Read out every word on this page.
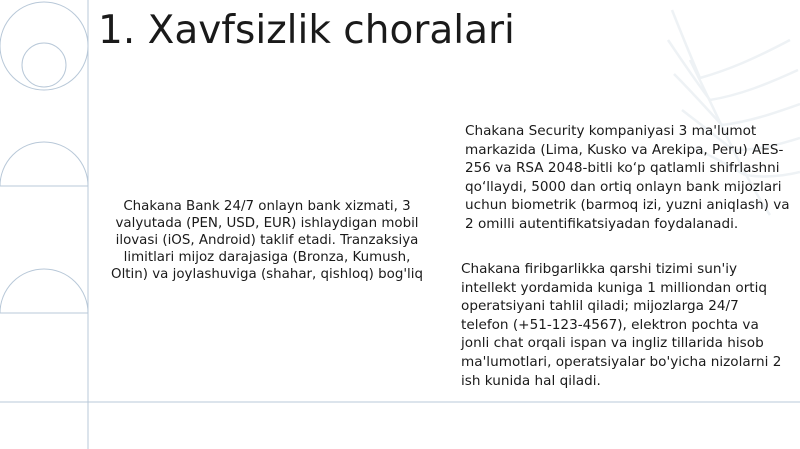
1. Xavfsizlik choralari

Chakana Bank 24/7 onlayn bank xizmati, 3 valyutada (PEN, USD, EUR) ishlaydigan mobil ilovasi (iOS, Android) taklif etadi. Tranzaksiya limitlari mijoz darajasiga (Bronza, Kumush, Oltin) va joylashuviga (shahar, qishloq) bog'liq

Chakana Security kompaniyasi 3 ma'lumot markazida (Lima, Kusko va Arekipa, Peru) AES-256 va RSA 2048-bitli ko‘p qatlamli shifrlashni qo‘llaydi, 5000 dan ortiq onlayn bank mijozlari uchun biometrik (barmoq izi, yuzni aniqlash) va 2 omilli autentifikatsiyadan foydalanadi.

Chakana firibgarlikka qarshi tizimi sun'iy intellekt yordamida kuniga 1 milliondan ortiq operatsiyani tahlil qiladi; mijozlarga 24/7 telefon (+51-123-4567), elektron pochta va jonli chat orqali ispan va ingliz tillarida hisob ma'lumotlari, operatsiyalar bo'yicha nizolarni 2 ish kunida hal qiladi.
